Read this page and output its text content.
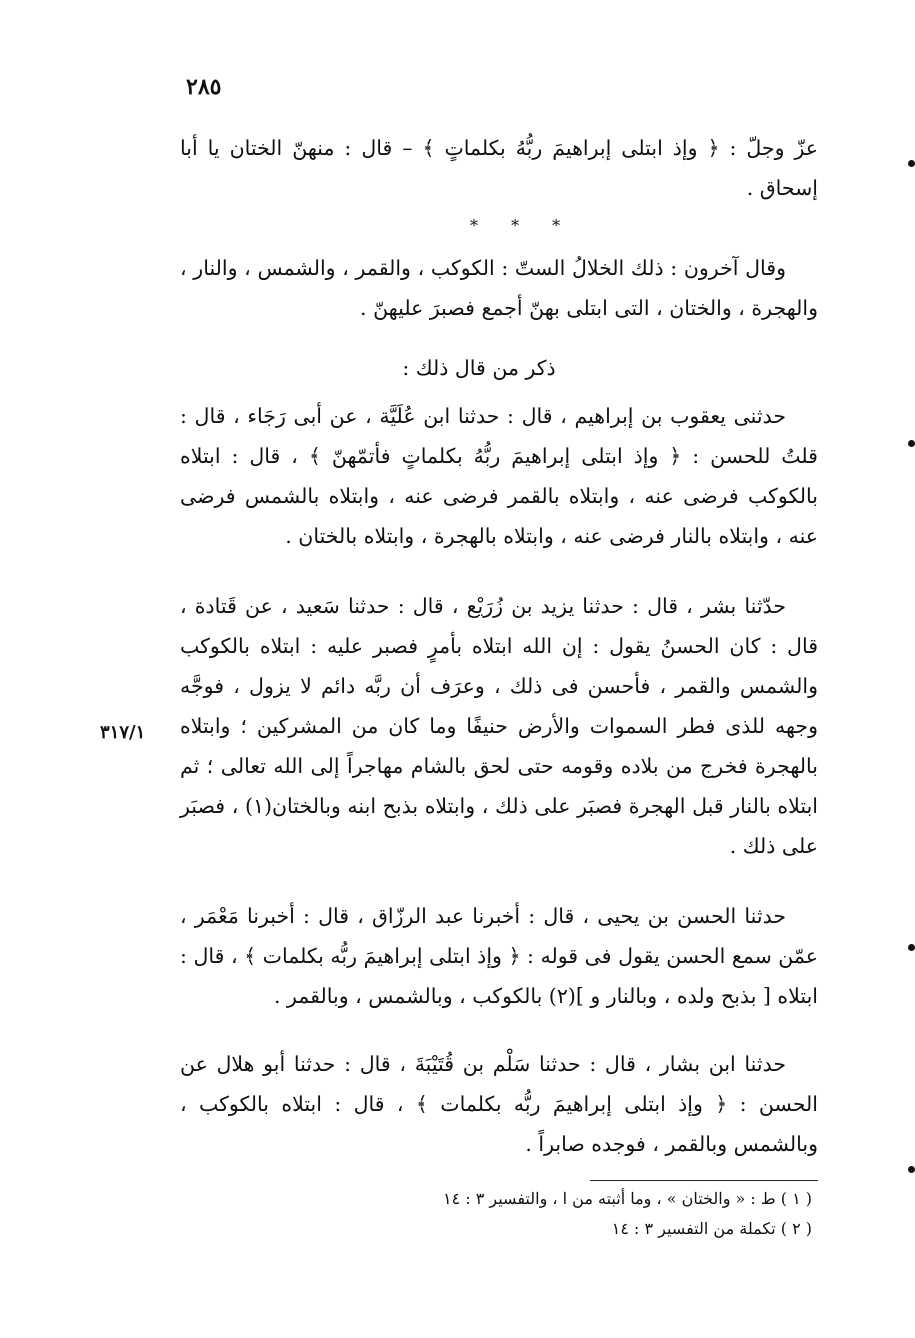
٢٨٥

عزّ وجلّ : ﴿ وإذ ابتلى إبراهيمَ ربُّهُ بكلماتٍ ﴾ – قال : منهنّ الختان يا أبا إسحاق .

* * *

وقال آخرون : ذلك الخلالُ الستّ : الكوكب ، والقمر ، والشمس ، والنار ، والهجرة ، والختان ، التى ابتلى بهنّ أجمع فصبرَ عليهنّ .

ذكر من قال ذلك :

حدثنى يعقوب بن إبراهيم ، قال : حدثنا ابن عُلَيَّة ، عن أبى رَجَاء ، قال : قلتُ للحسن : ﴿ وإذ ابتلى إبراهيمَ ربُّهُ بكلماتٍ فأتمّهنّ ﴾ ، قال : ابتلاه بالكوكب فرضى عنه ، وابتلاه بالقمر فرضى عنه ، وابتلاه بالشمس فرضى عنه ، وابتلاه بالنار فرضى عنه ، وابتلاه بالهجرة ، وابتلاه بالختان .

حدّثنا بشر ، قال : حدثنا يزيد بن زُرَيْع ، قال : حدثنا سَعيد ، عن قَتادة ، قال : كان الحسنُ يقول : إن الله ابتلاه بأمرٍ فصبر عليه : ابتلاه بالكوكب والشمس والقمر ، فأحسن فى ذلك ، وعرَف أن ربَّه دائم لا يزول ، فوجَّه وجهه للذى فطر السموات والأرض حنيفًا وما كان من المشركين ؛ وابتلاه بالهجرة فخرج من بلاده وقومه حتى لحق بالشام مهاجراً إلى الله تعالى ؛ ثم ابتلاه بالنار قبل الهجرة فصبَر على ذلك ، وابتلاه بذبح ابنه وبالختان(١) ، فصبَر على ذلك .

٣١٧/١

حدثنا الحسن بن يحيى ، قال : أخبرنا عبد الرزّاق ، قال : أخبرنا مَعْمَر ، عمّن سمع الحسن يقول فى قوله : ﴿ وإذ ابتلى إبراهيمَ ربُّه بكلمات ﴾ ، قال : ابتلاه [ بذبح ولده ، وبالنار و ](٢) بالكوكب ، وبالشمس ، وبالقمر .

حدثنا ابن بشار ، قال : حدثنا سَلْم بن قُتَيْبَةَ ، قال : حدثنا أبو هلال عن الحسن : ﴿ وإذ ابتلى إبراهيمَ ربُّه بكلمات ﴾ ، قال : ابتلاه بالكوكب ، وبالشمس وبالقمر ، فوجده صابراً .

( ١ ) ط : « والختان » ، وما أثبته من ا ، والتفسير ٣ : ١٤

( ٢ ) تكملة من التفسير ٣ : ١٤
